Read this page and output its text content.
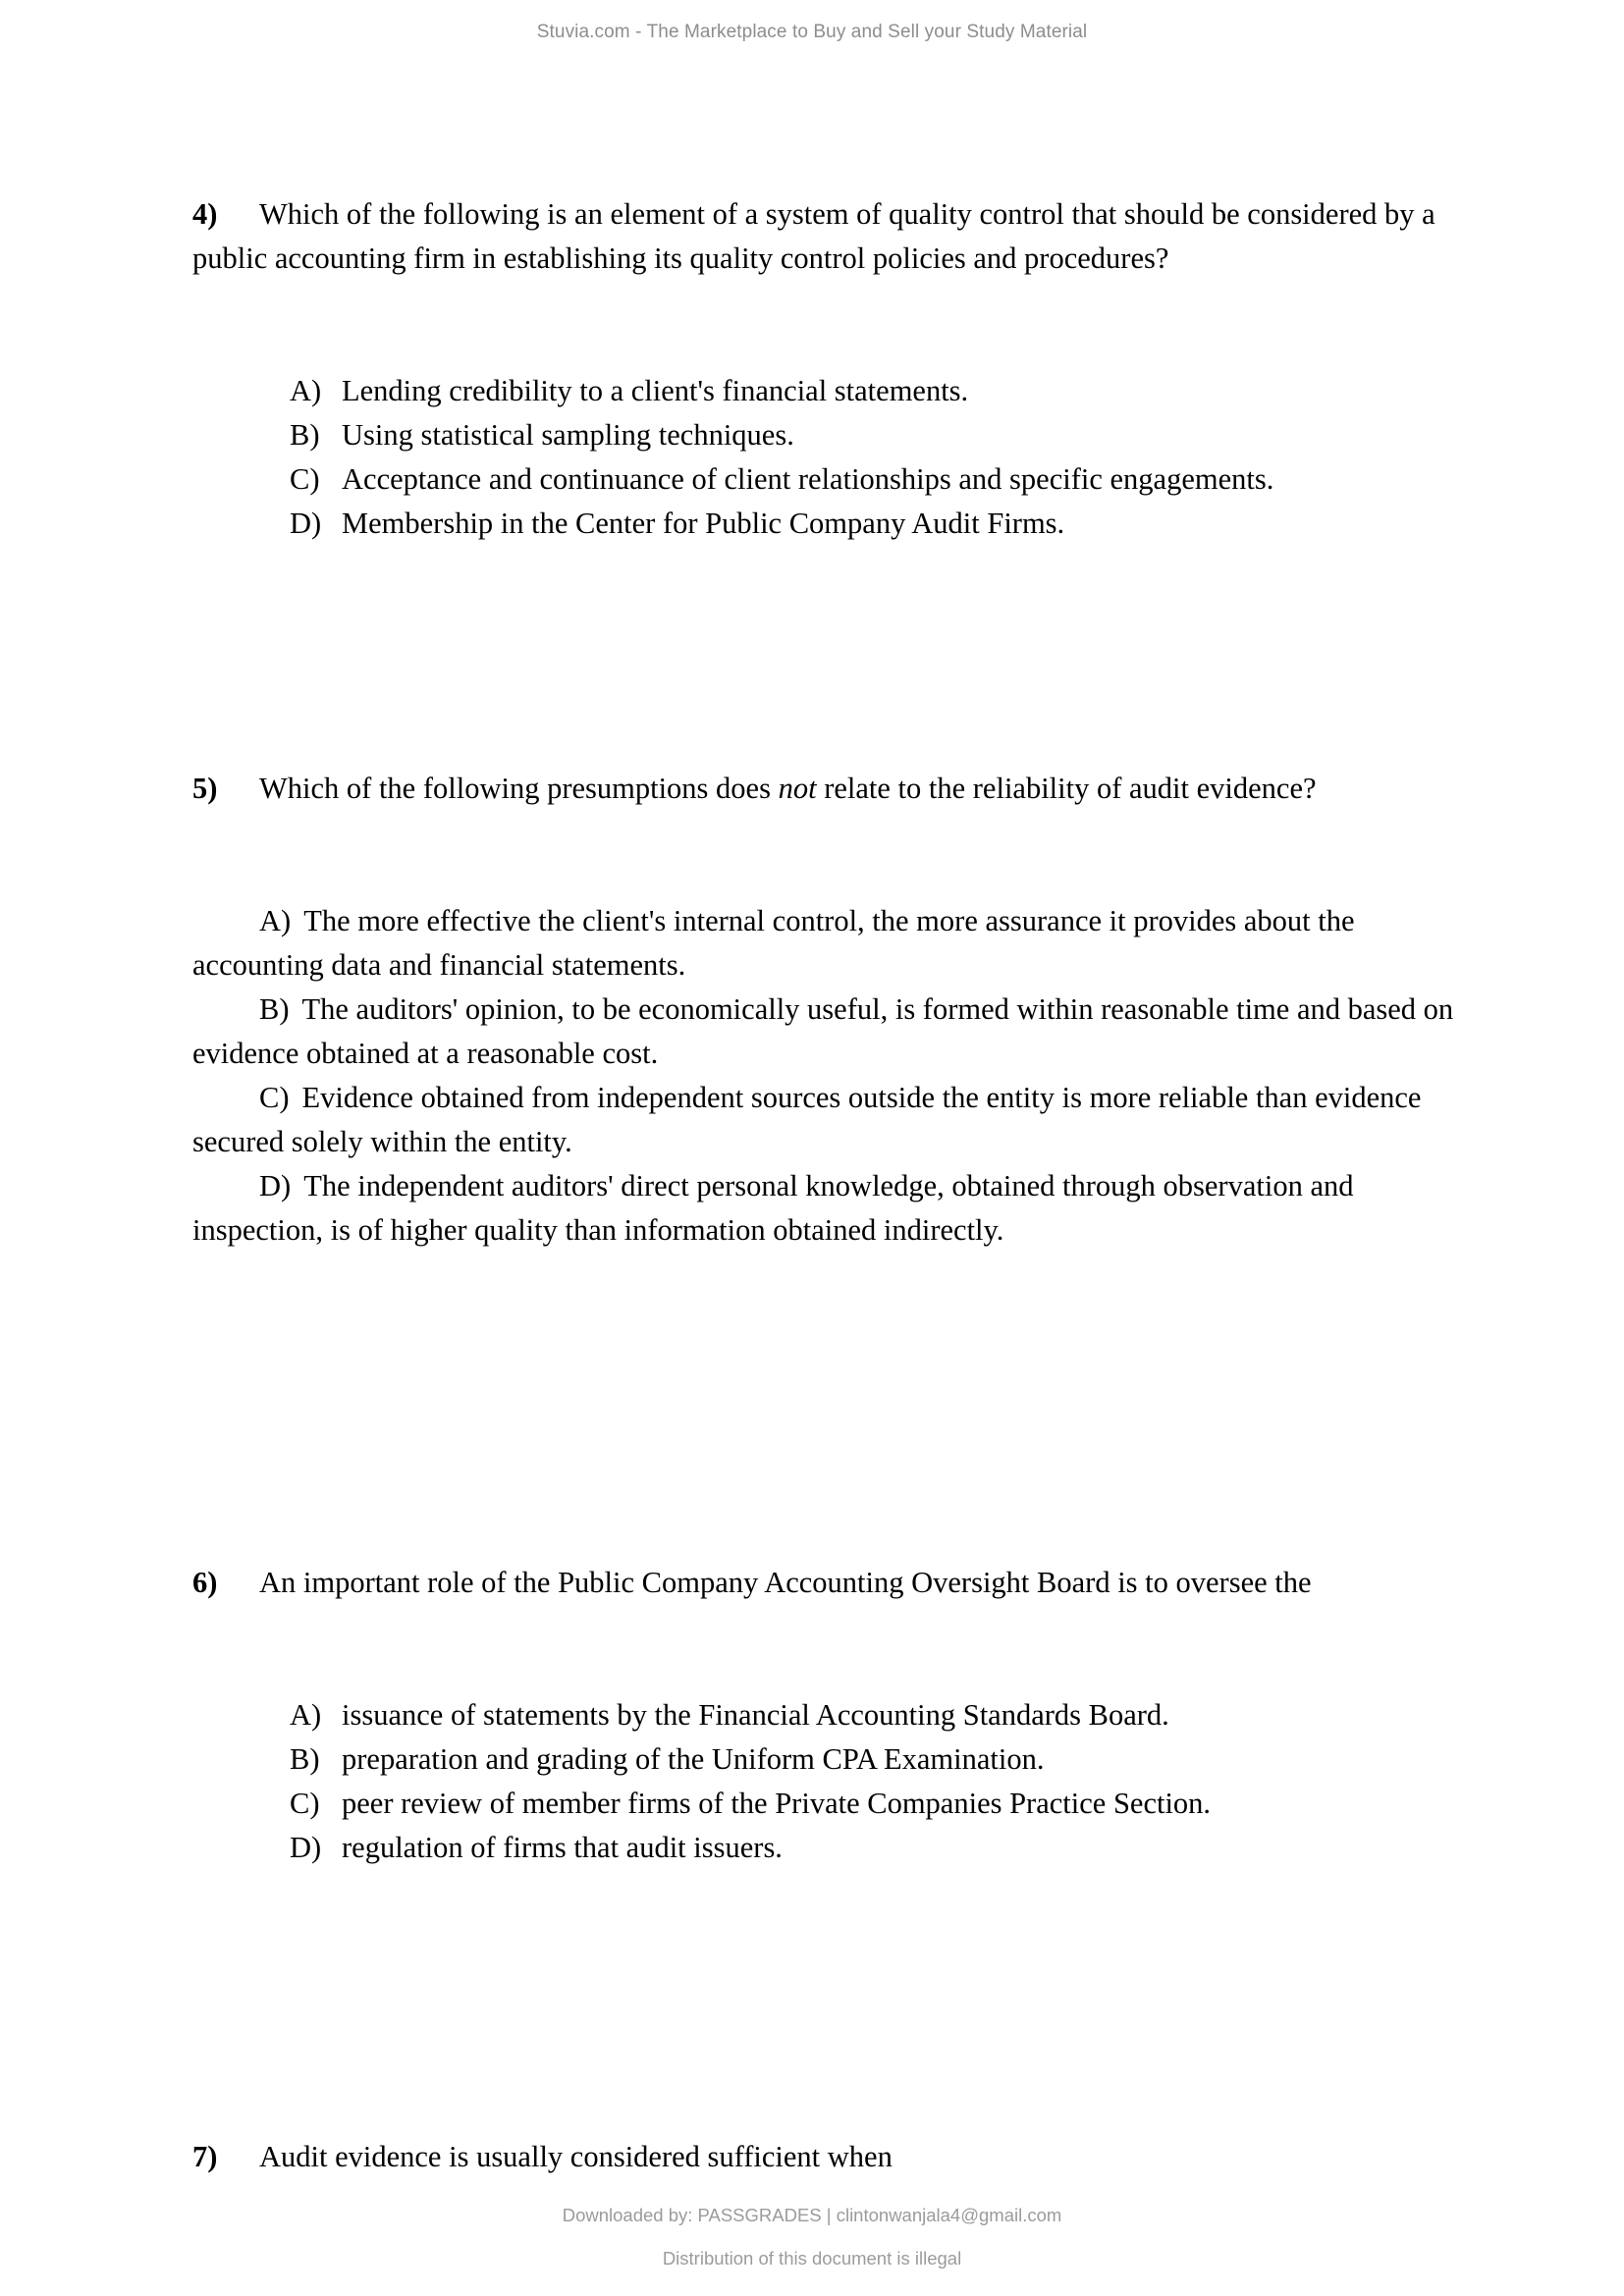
Stuvia.com - The Marketplace to Buy and Sell your Study Material

4) Which of the following is an element of a system of quality control that should be considered by a public accounting firm in establishing its quality control policies and procedures?

A) Lending credibility to a client's financial statements.
B) Using statistical sampling techniques.
C) Acceptance and continuance of client relationships and specific engagements.
D) Membership in the Center for Public Company Audit Firms.

5) Which of the following presumptions does not relate to the reliability of audit evidence?

A) The more effective the client's internal control, the more assurance it provides about the accounting data and financial statements.
B) The auditors' opinion, to be economically useful, is formed within reasonable time and based on evidence obtained at a reasonable cost.
C) Evidence obtained from independent sources outside the entity is more reliable than evidence secured solely within the entity.
D) The independent auditors' direct personal knowledge, obtained through observation and inspection, is of higher quality than information obtained indirectly.

6) An important role of the Public Company Accounting Oversight Board is to oversee the

A) issuance of statements by the Financial Accounting Standards Board.
B) preparation and grading of the Uniform CPA Examination.
C) peer review of member firms of the Private Companies Practice Section.
D) regulation of firms that audit issuers.

7) Audit evidence is usually considered sufficient when

Downloaded by: PASSGRADES | clintonwanjala4@gmail.com
Distribution of this document is illegal
